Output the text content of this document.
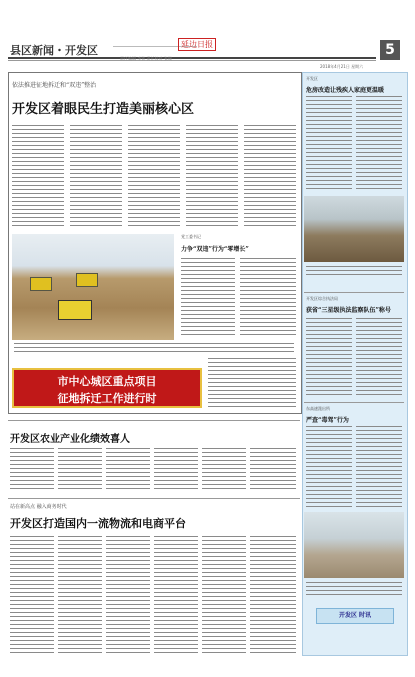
县区新闻・开发区	延边日报	5
责任编辑 李铁 责任校对 张瑞
2018年4月21日 星期六
依法推进征地拆迁和“双违”整治
开发区着眼民生打造美丽核心区
党工委书记
力争“双违”行为“零增长”
市中心城区重点项目
征地拆迁工作进行时
开发区
危房改造让残疾人家庭更温暖
开发区综合执法局
获省“三星级执法监察队伍”称号
东高速派出所
严查“毒驾”行为
开发区 时讯
开发区农业产业化绩效喜人
站在新高点 融入商务时代
开发区打造国内一流物流和电商平台
